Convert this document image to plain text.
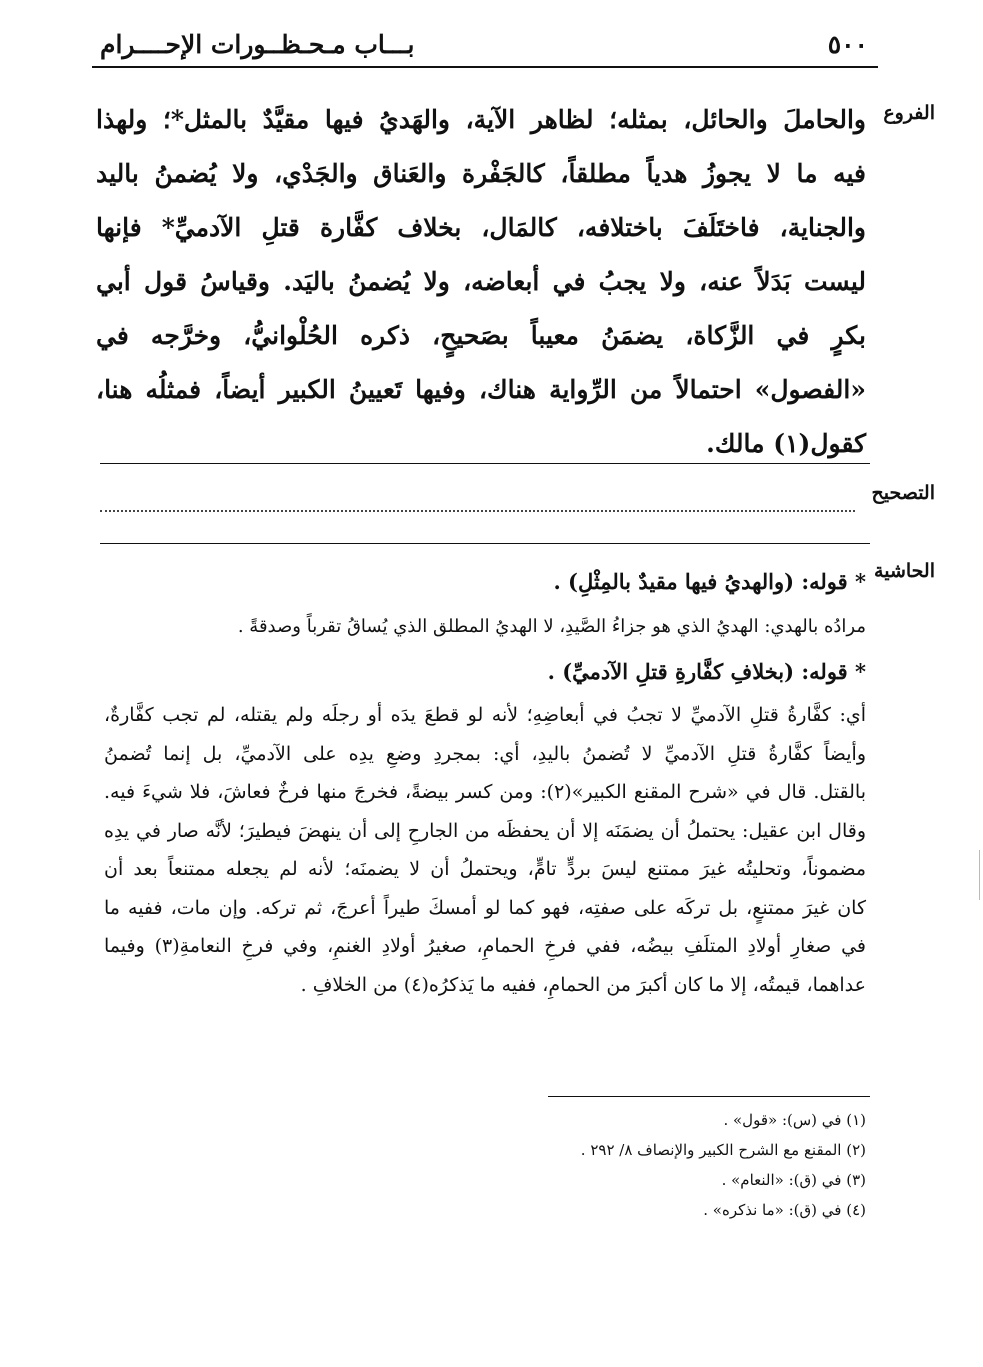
٥٠٠
بـــاب مـحـظــورات الإحــــرام
الفروع
التصحيح
الحاشية
والحاملَ والحائل، بمثله؛ لظاهر الآية، والهَديُ فيها مقيَّدٌ بالمثل*؛ ولهذا
فيه ما لا يجوزُ هدياً مطلقاً، كالجَفْرة والعَناق والجَدْي، ولا يُضمنُ باليد
والجناية، فاختَلَفَ باختلافه، كالمَال، بخلاف كفَّارة قتلِ الآدميِّ* فإنها
ليست بَدَلاً عنه، ولا يجبُ في أبعاضه، ولا يُضمنُ باليَد. وقياسُ قول أبي
بكرٍ في الزَّكاة، يضمَنُ معيباً بصَحيحٍ، ذكره الحُلْوانيُّ، وخرَّجه في
«الفصول» احتمالاً من الرِّواية هناك، وفيها تَعيينُ الكبير أيضاً، فمثلُه هنا،
كقول(١) مالك.
* قوله: (والهديُ فيها مقيدٌ بالمِثْلِ) .
مرادُه بالهدي: الهديُ الذي هو جزاءُ الصَّيدِ، لا الهديُ المطلق الذي يُساقُ تقرباً وصدقةً .
* قوله: (بخلافِ كفَّارةِ قتلِ الآدميِّ) .
أي: كفَّارةُ قتلِ الآدميِّ لا تجبُ في أبعاضِهِ؛ لأنه لو قطعَ يدَه أو رجلَه ولم يقتله، لم تجب كفَّارةٌ،
وأيضاً كفَّارةُ قتلِ الآدميِّ لا تُضمنُ باليدِ، أي: بمجردِ وضعِ يدِه على الآدميِّ، بل إنما تُضمنُ
بالقتل. قال في «شرح المقنع الكبير»(٢): ومن كسر بيضةً، فخرجَ منها فرخٌ فعاشَ، فلا شيءَ فيه.
وقال ابن عقيل: يحتملُ أن يضمَنَه إلا أن يحفظَه من الجارحِ إلى أن ينهضَ فيطيرَ؛ لأنَّه صار في يدِه
مضموناً، وتحليتُه غيرَ ممتنع ليسَ بردٍّ تامٍّ، ويحتملُ أن لا يضمنَه؛ لأنه لم يجعله ممتنعاً بعد أن
كان غيرَ ممتنعٍ، بل تركَه على صفتِه، فهو كما لو أمسكَ طيراً أعرجَ، ثم تركه. وإن مات، ففيه ما
في صغارِ أولادِ المتلَفِ بيضُه، ففي فرخِ الحمامِ، صغيرُ أولادِ الغنمِ، وفي فرخِ النعامةِ(٣) وفيما
عداهما، قيمتُه، إلا ما كان أكبرَ من الحمامِ، ففيه ما يَذكرُه(٤) من الخلافِ .
(١) في (س): «قول» .
(٢) المقنع مع الشرح الكبير والإنصاف ٨/ ٢٩٢ .
(٣) في (ق): «النعام» .
(٤) في (ق): «ما نذكره» .
